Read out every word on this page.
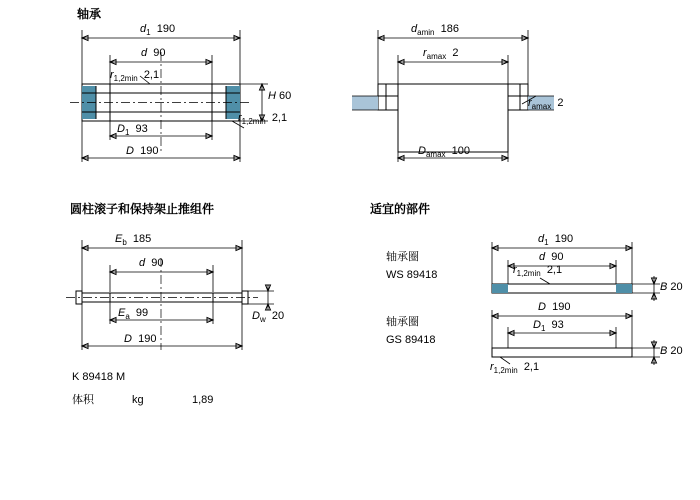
轴承
圆柱滚子和保持架止推组件	适宜的部件
$d_1$ 190
d 90
$r_{1,2min}$ 2,1
H 60
$r_{1,2min}$ 2,1
$D_1$ 93
D 190
$d_{amin}$ 186
$r_{amax}$ 2
$r_{amax}$ 2
$D_{amax}$ 100
$E_b$ 185
d 90
$E_a$ 99
D 190
$D_w$ 20
K 89418 M
体积	kg	1,89
轴承圈
WS 89418
$d_1$ 190
d 90
$r_{1,2min}$ 2,1
B 20
轴承圈
GS 89418
D 190
$D_1$ 93
$r_{1,2min}$ 2,1
B 20
